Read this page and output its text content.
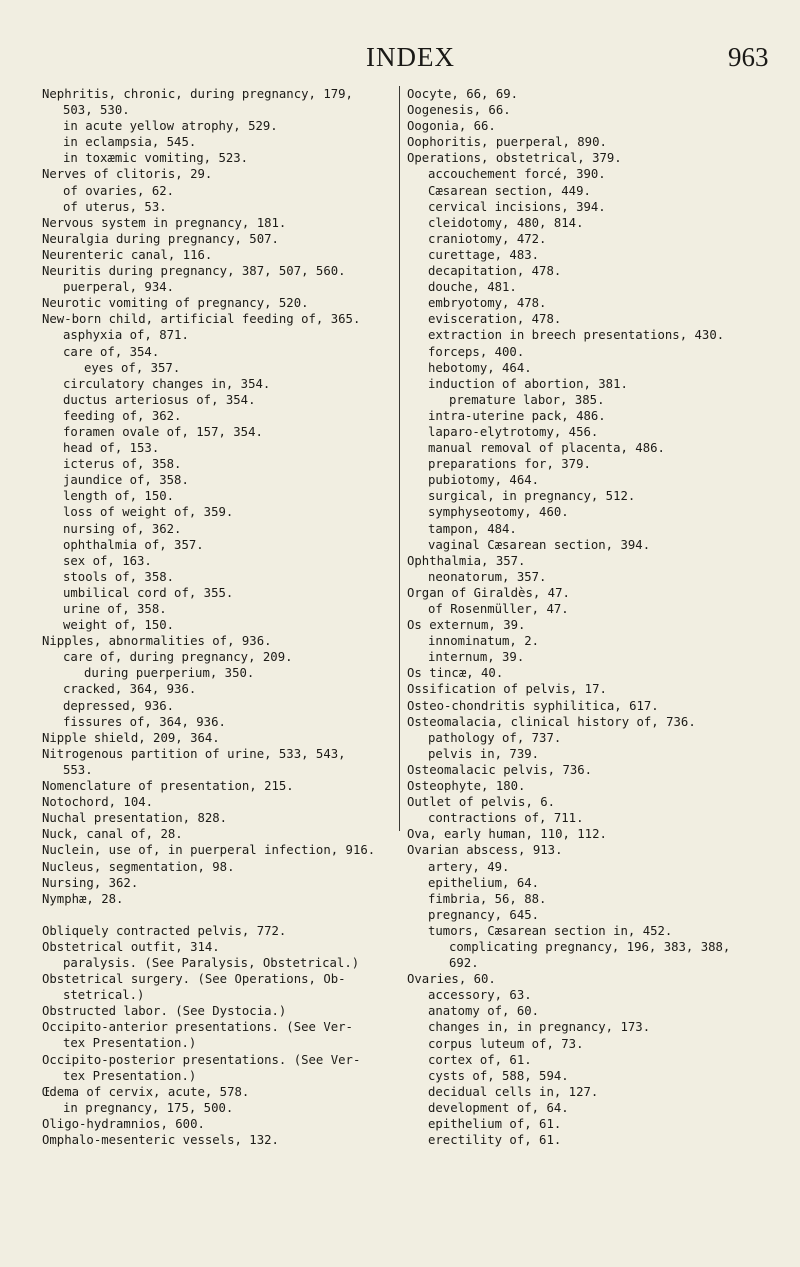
INDEX	963
Nephritis, chronic, during pregnancy, 179,
503, 530.
in acute yellow atrophy, 529.
in eclampsia, 545.
in toxæmic vomiting, 523.
Nerves of clitoris, 29.
of ovaries, 62.
of uterus, 53.
Nervous system in pregnancy, 181.
Neuralgia during pregnancy, 507.
Neurenteric canal, 116.
Neuritis during pregnancy, 387, 507, 560.
puerperal, 934.
Neurotic vomiting of pregnancy, 520.
New-born child, artificial feeding of, 365.
asphyxia of, 871.
care of, 354.
eyes of, 357.
circulatory changes in, 354.
ductus arteriosus of, 354.
feeding of, 362.
foramen ovale of, 157, 354.
head of, 153.
icterus of, 358.
jaundice of, 358.
length of, 150.
loss of weight of, 359.
nursing of, 362.
ophthalmia of, 357.
sex of, 163.
stools of, 358.
umbilical cord of, 355.
urine of, 358.
weight of, 150.
Nipples, abnormalities of, 936.
care of, during pregnancy, 209.
during puerperium, 350.
cracked, 364, 936.
depressed, 936.
fissures of, 364, 936.
Nipple shield, 209, 364.
Nitrogenous partition of urine, 533, 543,
553.
Nomenclature of presentation, 215.
Notochord, 104.
Nuchal presentation, 828.
Nuck, canal of, 28.
Nuclein, use of, in puerperal infection, 916.
Nucleus, segmentation, 98.
Nursing, 362.
Nymphæ, 28.
Obliquely contracted pelvis, 772.
Obstetrical outfit, 314.
paralysis. (See Paralysis, Obstetrical.)
Obstetrical surgery. (See Operations, Ob-
stetrical.)
Obstructed labor. (See Dystocia.)
Occipito-anterior presentations. (See Ver-
tex Presentation.)
Occipito-posterior presentations. (See Ver-
tex Presentation.)
Œdema of cervix, acute, 578.
in pregnancy, 175, 500.
Oligo-hydramnios, 600.
Omphalo-mesenteric vessels, 132.
Oocyte, 66, 69.
Oogenesis, 66.
Oogonia, 66.
Oophoritis, puerperal, 890.
Operations, obstetrical, 379.
accouchement forcé, 390.
Cæsarean section, 449.
cervical incisions, 394.
cleidotomy, 480, 814.
craniotomy, 472.
curettage, 483.
decapitation, 478.
douche, 481.
embryotomy, 478.
evisceration, 478.
extraction in breech presentations, 430.
forceps, 400.
hebotomy, 464.
induction of abortion, 381.
premature labor, 385.
intra-uterine pack, 486.
laparo-elytrotomy, 456.
manual removal of placenta, 486.
preparations for, 379.
pubiotomy, 464.
surgical, in pregnancy, 512.
symphyseotomy, 460.
tampon, 484.
vaginal Cæsarean section, 394.
Ophthalmia, 357.
neonatorum, 357.
Organ of Giraldès, 47.
of Rosenmüller, 47.
Os externum, 39.
innominatum, 2.
internum, 39.
Os tincæ, 40.
Ossification of pelvis, 17.
Osteo-chondritis syphilitica, 617.
Osteomalacia, clinical history of, 736.
pathology of, 737.
pelvis in, 739.
Osteomalacic pelvis, 736.
Osteophyte, 180.
Outlet of pelvis, 6.
contractions of, 711.
Ova, early human, 110, 112.
Ovarian abscess, 913.
artery, 49.
epithelium, 64.
fimbria, 56, 88.
pregnancy, 645.
tumors, Cæsarean section in, 452.
complicating pregnancy, 196, 383, 388,
692.
Ovaries, 60.
accessory, 63.
anatomy of, 60.
changes in, in pregnancy, 173.
corpus luteum of, 73.
cortex of, 61.
cysts of, 588, 594.
decidual cells in, 127.
development of, 64.
epithelium of, 61.
erectility of, 61.
